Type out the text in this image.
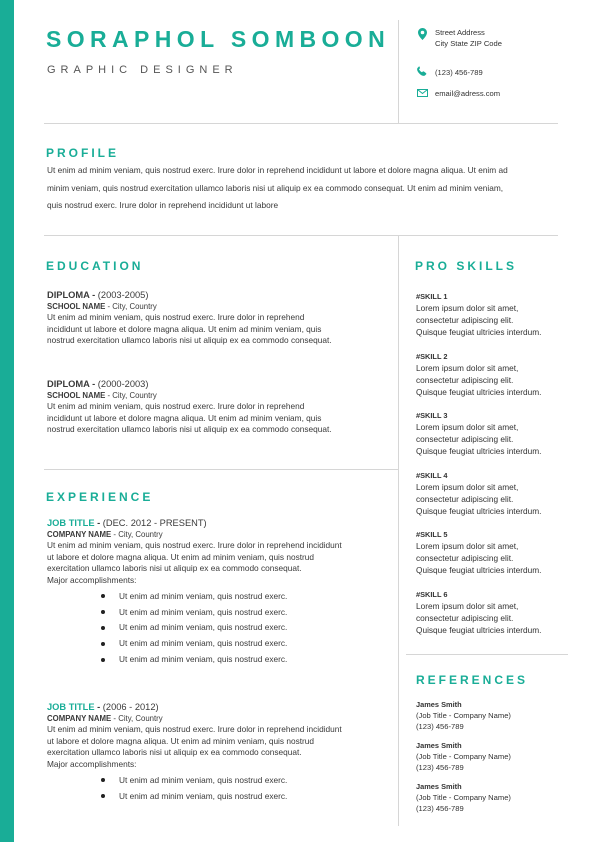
SORAPHOL SOMBOON
GRAPHIC DESIGNER
Street Address
City State ZIP Code
(123) 456-789
email@adress.com
PROFILE
Ut enim ad minim veniam, quis nostrud exerc. Irure dolor in reprehend incididunt ut labore et dolore magna aliqua. Ut enim ad
minim veniam, quis nostrud exercitation ullamco laboris nisi ut aliquip ex ea commodo consequat. Ut enim ad minim veniam,
quis nostrud exerc. Irure dolor in reprehend incididunt ut labore
EDUCATION
DIPLOMA - (2003-2005)
SCHOOL NAME - City, Country
Ut enim ad minim veniam, quis nostrud exerc. Irure dolor in reprehend
incididunt ut labore et dolore magna aliqua. Ut enim ad minim veniam, quis
nostrud exercitation ullamco laboris nisi ut aliquip ex ea commodo consequat.
DIPLOMA - (2000-2003)
SCHOOL NAME - City, Country
Ut enim ad minim veniam, quis nostrud exerc. Irure dolor in reprehend
incididunt ut labore et dolore magna aliqua. Ut enim ad minim veniam, quis
nostrud exercitation ullamco laboris nisi ut aliquip ex ea commodo consequat.
EXPERIENCE
JOB TITLE - (DEC. 2012 - PRESENT)
COMPANY NAME - City, Country
Ut enim ad minim veniam, quis nostrud exerc. Irure dolor in reprehend incididunt
ut labore et dolore magna aliqua. Ut enim ad minim veniam, quis nostrud
exercitation ullamco laboris nisi ut aliquip ex ea commodo consequat.
Major accomplishments:
Ut enim ad minim veniam, quis nostrud exerc.
Ut enim ad minim veniam, quis nostrud exerc.
Ut enim ad minim veniam, quis nostrud exerc.
Ut enim ad minim veniam, quis nostrud exerc.
Ut enim ad minim veniam, quis nostrud exerc.
JOB TITLE - (2006 - 2012)
COMPANY NAME - City, Country
Ut enim ad minim veniam, quis nostrud exerc. Irure dolor in reprehend incididunt
ut labore et dolore magna aliqua. Ut enim ad minim veniam, quis nostrud
exercitation ullamco laboris nisi ut aliquip ex ea commodo consequat.
Major accomplishments:
Ut enim ad minim veniam, quis nostrud exerc.
Ut enim ad minim veniam, quis nostrud exerc.
PRO SKILLS
#SKILL 1
Lorem ipsum dolor sit amet,
consectetur adipiscing elit.
Quisque feugiat ultricies interdum.
#SKILL 2
Lorem ipsum dolor sit amet,
consectetur adipiscing elit.
Quisque feugiat ultricies interdum.
#SKILL 3
Lorem ipsum dolor sit amet,
consectetur adipiscing elit.
Quisque feugiat ultricies interdum.
#SKILL 4
Lorem ipsum dolor sit amet,
consectetur adipiscing elit.
Quisque feugiat ultricies interdum.
#SKILL 5
Lorem ipsum dolor sit amet,
consectetur adipiscing elit.
Quisque feugiat ultricies interdum.
#SKILL 6
Lorem ipsum dolor sit amet,
consectetur adipiscing elit.
Quisque feugiat ultricies interdum.
REFERENCES
James Smith
(Job Title - Company Name)
(123) 456-789
James Smith
(Job Title - Company Name)
(123) 456-789
James Smith
(Job Title - Company Name)
(123) 456-789
